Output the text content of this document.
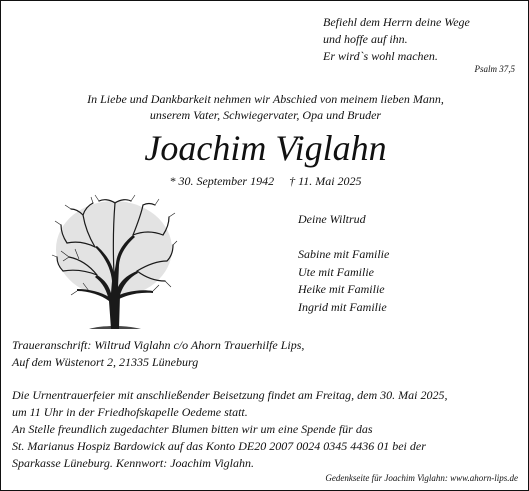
Befiehl dem Herrn deine Wege
und hoffe auf ihn.
Er wird`s wohl machen.
Psalm 37,5
In Liebe und Dankbarkeit nehmen wir Abschied von meinem lieben Mann,
unserem Vater, Schwiegervater, Opa und Bruder
Joachim Viglahn
* 30. September 1942 † 11. Mai 2025
Deine Wiltrud
Sabine mit Familie
Ute mit Familie
Heike mit Familie
Ingrid mit Familie
Traueranschrift: Wiltrud Viglahn c/o Ahorn Trauerhilfe Lips,
Auf dem Wüstenort 2, 21335 Lüneburg
Die Urnentrauerfeier mit anschließender Beisetzung findet am Freitag, dem 30. Mai 2025,
um 11 Uhr in der Friedhofskapelle Oedeme statt.
An Stelle freundlich zugedachter Blumen bitten wir um eine Spende für das
St. Marianus Hospiz Bardowick auf das Konto DE20 2007 0024 0345 4436 01 bei der
Sparkasse Lüneburg. Kennwort: Joachim Viglahn.
Gedenkseite für Joachim Viglahn: www.ahorn-lips.de
